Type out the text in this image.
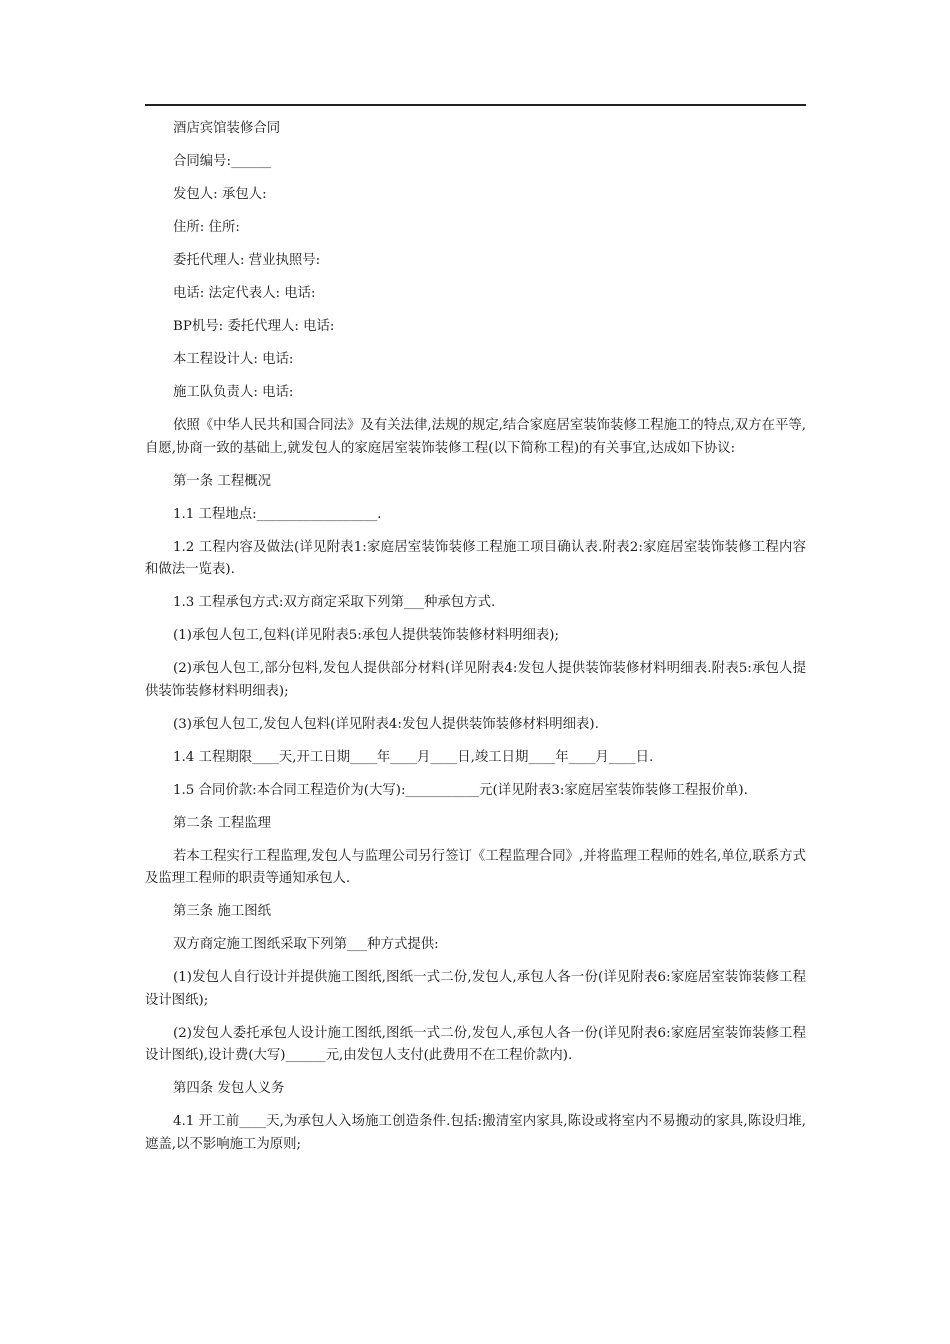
酒店宾馆装修合同

合同编号:______

发包人: 承包人:

住所: 住所:

委托代理人: 营业执照号:

电话: 法定代表人: 电话:

BP机号: 委托代理人: 电话:

本工程设计人: 电话:

施工队负责人: 电话:

依照《中华人民共和国合同法》及有关法律,法规的规定,结合家庭居室装饰装修工程施工的特点,双方在平等,自愿,协商一致的基础上,就发包人的家庭居室装饰装修工程(以下简称工程)的有关事宜,达成如下协议:

第一条 工程概况

1.1 工程地点:__________________.

1.2 工程内容及做法(详见附表1:家庭居室装饰装修工程施工项目确认表.附表2:家庭居室装饰装修工程内容和做法一览表).

1.3 工程承包方式:双方商定采取下列第___种承包方式.

(1)承包人包工,包料(详见附表5:承包人提供装饰装修材料明细表);

(2)承包人包工,部分包料,发包人提供部分材料(详见附表4:发包人提供装饰装修材料明细表.附表5:承包人提供装饰装修材料明细表);

(3)承包人包工,发包人包料(详见附表4:发包人提供装饰装修材料明细表).

1.4 工程期限____天,开工日期____年____月____日,竣工日期____年____月____日.

1.5 合同价款:本合同工程造价为(大写):___________元(详见附表3:家庭居室装饰装修工程报价单).

第二条 工程监理

若本工程实行工程监理,发包人与监理公司另行签订《工程监理合同》,并将监理工程师的姓名,单位,联系方式及监理工程师的职责等通知承包人.

第三条 施工图纸

双方商定施工图纸采取下列第___种方式提供:

(1)发包人自行设计并提供施工图纸,图纸一式二份,发包人,承包人各一份(详见附表6:家庭居室装饰装修工程设计图纸);

(2)发包人委托承包人设计施工图纸,图纸一式二份,发包人,承包人各一份(详见附表6:家庭居室装饰装修工程设计图纸),设计费(大写)______元,由发包人支付(此费用不在工程价款内).

第四条 发包人义务

4.1 开工前____天,为承包人入场施工创造条件.包括:搬清室内家具,陈设或将室内不易搬动的家具,陈设归堆,遮盖,以不影响施工为原则;
